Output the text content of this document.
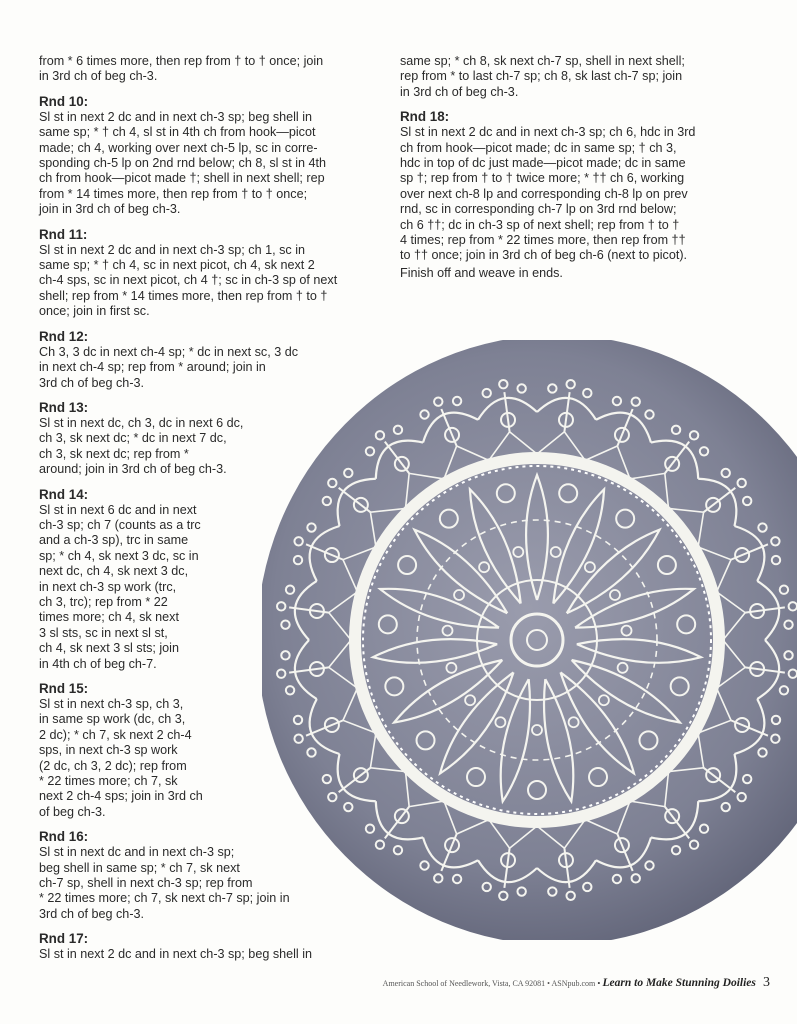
from * 6 times more, then rep from † to † once; join
in 3rd ch of beg ch-3.

Rnd 10:

Sl st in next 2 dc and in next ch-3 sp; beg shell in
same sp; * † ch 4, sl st in 4th ch from hook—picot
made; ch 4, working over next ch-5 lp, sc in corre-
sponding ch-5 lp on 2nd rnd below; ch 8, sl st in 4th
ch from hook—picot made †; shell in next shell; rep
from * 14 times more, then rep from † to † once;
join in 3rd ch of beg ch-3.

Rnd 11:

Sl st in next 2 dc and in next ch-3 sp; ch 1, sc in
same sp; * † ch 4, sc in next picot, ch 4, sk next 2
ch-4 sps, sc in next picot, ch 4 †; sc in ch-3 sp of next
shell; rep from * 14 times more, then rep from † to †
once; join in first sc.

Rnd 12:

Ch 3, 3 dc in next ch-4 sp; * dc in next sc, 3 dc
in next ch-4 sp; rep from * around; join in
3rd ch of beg ch-3.

Rnd 13:

Sl st in next dc, ch 3, dc in next 6 dc,
ch 3, sk next dc; * dc in next 7 dc,
ch 3, sk next dc; rep from *
around; join in 3rd ch of beg ch-3.

Rnd 14:

Sl st in next 6 dc and in next
ch-3 sp; ch 7 (counts as a trc
and a ch-3 sp), trc in same
sp; * ch 4, sk next 3 dc, sc in
next dc, ch 4, sk next 3 dc,
in next ch-3 sp work (trc,
ch 3, trc); rep from * 22
times more; ch 4, sk next
3 sl sts, sc in next sl st,
ch 4, sk next 3 sl sts; join
in 4th ch of beg ch-7.

Rnd 15:

Sl st in next ch-3 sp, ch 3,
in same sp work (dc, ch 3,
2 dc); * ch 7, sk next 2 ch-4
sps, in next ch-3 sp work
(2 dc, ch 3, 2 dc); rep from
* 22 times more; ch 7, sk
next 2 ch-4 sps; join in 3rd ch
of beg ch-3.

Rnd 16:

Sl st in next dc and in next ch-3 sp;
beg shell in same sp; * ch 7, sk next
ch-7 sp, shell in next ch-3 sp; rep from
* 22 times more; ch 7, sk next ch-7 sp; join in
3rd ch of beg ch-3.

Rnd 17:

Sl st in next 2 dc and in next ch-3 sp; beg shell in

same sp; * ch 8, sk next ch-7 sp, shell in next shell;
rep from * to last ch-7 sp; ch 8, sk last ch-7 sp; join
in 3rd ch of beg ch-3.

Rnd 18:

Sl st in next 2 dc and in next ch-3 sp; ch 6, hdc in 3rd
ch from hook—picot made; dc in same sp; † ch 3,
hdc in top of dc just made—picot made; dc in same
sp †; rep from † to † twice more; * †† ch 6, working
over next ch-8 lp and corresponding ch-8 lp on prev
rnd, sc in corresponding ch-7 lp on 3rd rnd below;
ch 6 ††; dc in ch-3 sp of next shell; rep from † to †
4 times; rep from * 22 times more, then rep from ††
to †† once; join in 3rd ch of beg ch-6 (next to picot).

Finish off and weave in ends.

American School of Needlework, Vista, CA 92081 • ASNpub.com • Learn to Make Stunning Doilies 3
